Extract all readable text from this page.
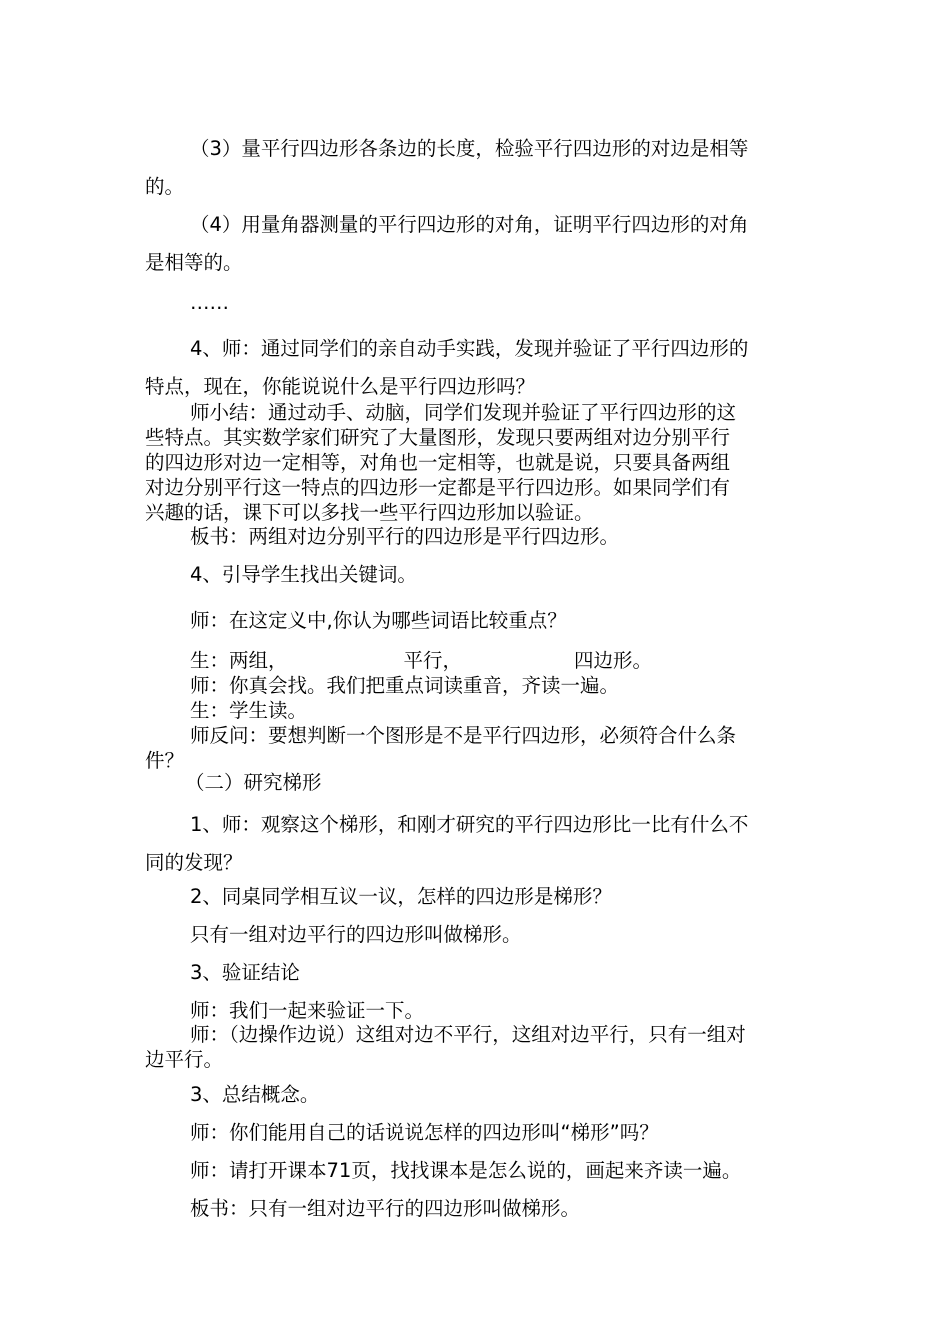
（3）量平行四边形各条边的长度，检验平行四边形的对边是相等
的。
（4）用量角器测量的平行四边形的对角，证明平行四边形的对角
是相等的。
……
4、师：通过同学们的亲自动手实践，发现并验证了平行四边形的
特点，现在，你能说说什么是平行四边形吗？
师小结：通过动手、动脑，同学们发现并验证了平行四边形的这
些特点。其实数学家们研究了大量图形，发现只要两组对边分别平行
的四边形对边一定相等，对角也一定相等，也就是说，只要具备两组
对边分别平行这一特点的四边形一定都是平行四边形。如果同学们有
兴趣的话，课下可以多找一些平行四边形加以验证。
板书：两组对边分别平行的四边形是平行四边形。
4、引导学生找出关键词。
师：在这定义中,你认为哪些词语比较重点？
生：两组，	平行，	四边形。
师：你真会找。我们把重点词读重音，齐读一遍。
生：学生读。
师反问：要想判断一个图形是不是平行四边形，必须符合什么条
件？
（二）研究梯形
1、师：观察这个梯形，和刚才研究的平行四边形比一比有什么不
同的发现？
2、同桌同学相互议一议，怎样的四边形是梯形？
只有一组对边平行的四边形叫做梯形。
3、验证结论
师：我们一起来验证一下。
师：（边操作边说）这组对边不平行，这组对边平行，只有一组对
边平行。
3、总结概念。
师：你们能用自己的话说说怎样的四边形叫“梯形”吗？
师：请打开课本71页，找找课本是怎么说的，画起来齐读一遍。
板书：只有一组对边平行的四边形叫做梯形。
